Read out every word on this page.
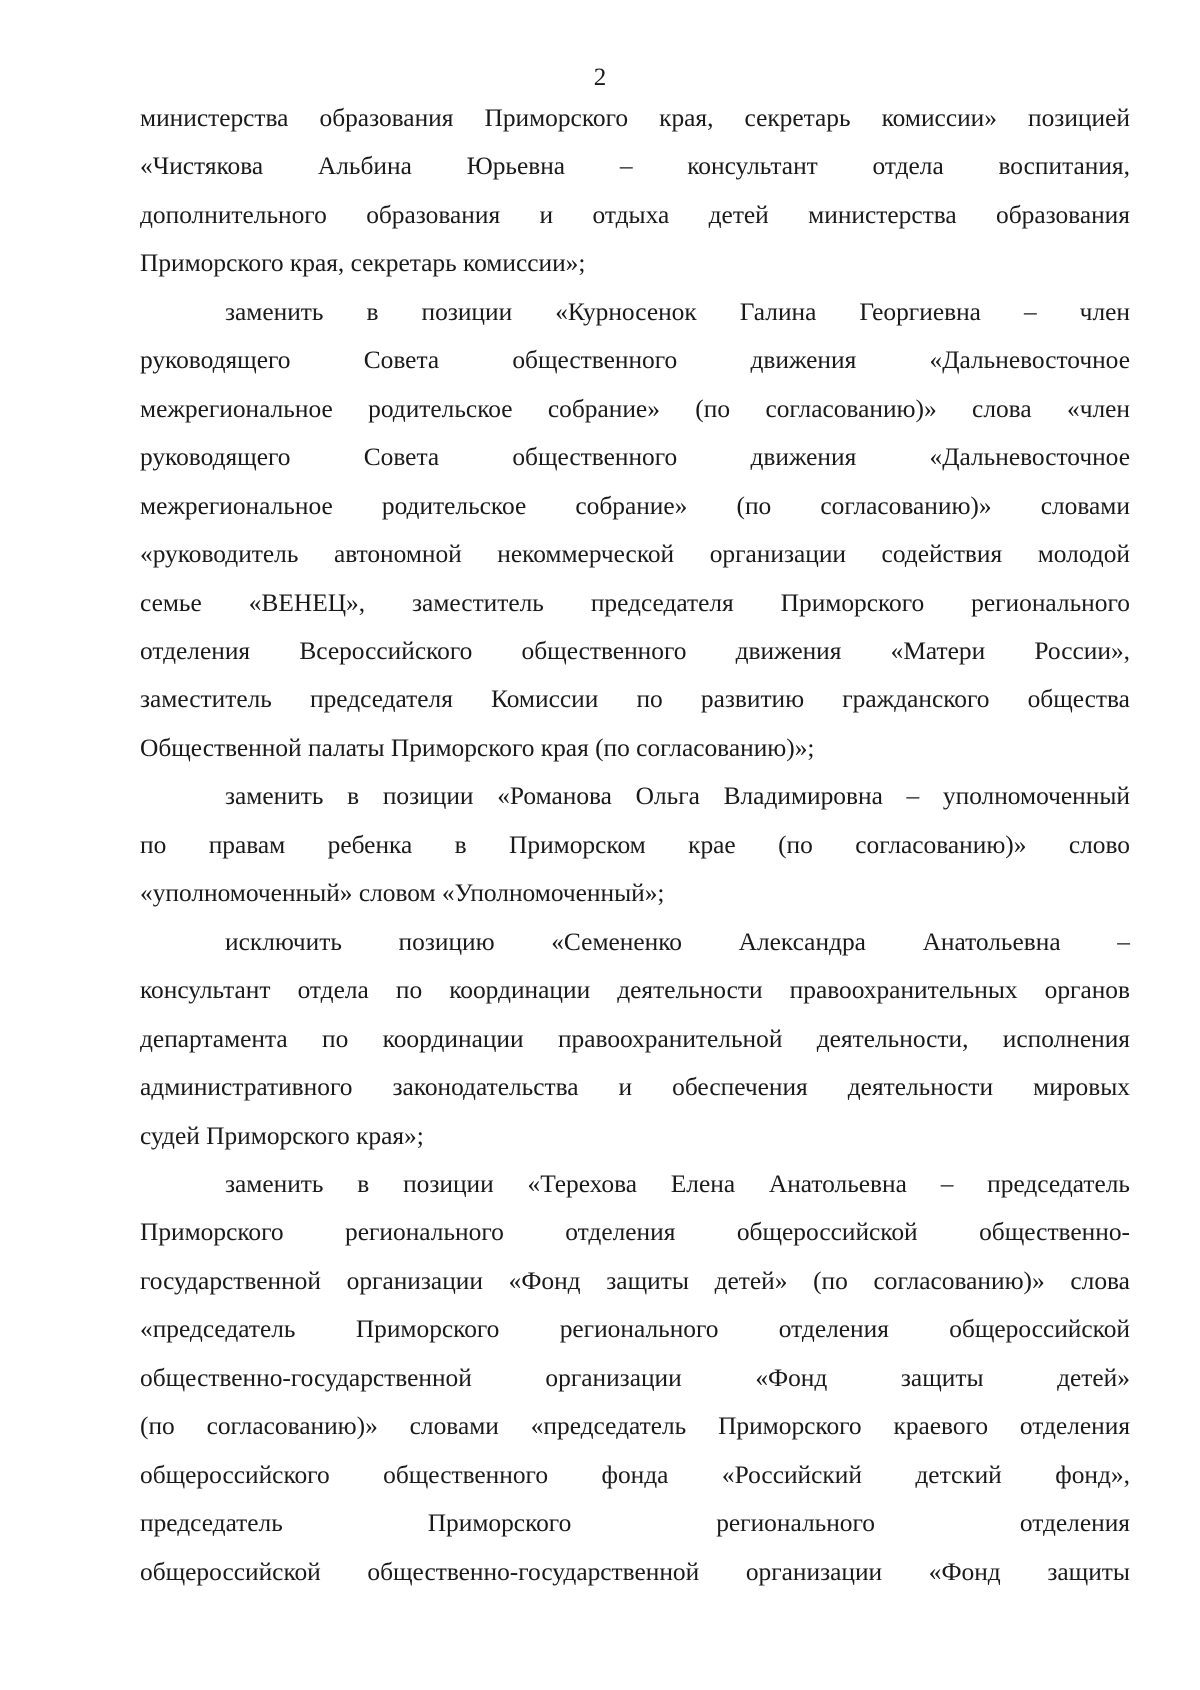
2
министерства образования Приморского края, секретарь комиссии» позицией
«Чистякова Альбина Юрьевна – консультант отдела воспитания,
дополнительного образования и отдыха детей министерства образования
Приморского края, секретарь комиссии»;
заменить в позиции «Курносенок Галина Георгиевна – член
руководящего	Совета	общественного	движения	«Дальневосточное
межрегиональное родительское собрание» (по согласованию)» слова «член
руководящего	Совета	общественного	движения	«Дальневосточное
межрегиональное родительское собрание» (по согласованию)» словами
«руководитель автономной некоммерческой организации содействия молодой
семье «ВЕНЕЦ», заместитель председателя Приморского регионального
отделения Всероссийского общественного движения «Матери России»,
заместитель председателя Комиссии по развитию гражданского общества
Общественной палаты Приморского края (по согласованию)»;
заменить в позиции «Романова Ольга Владимировна – уполномоченный
по правам ребенка в Приморском крае (по согласованию)» слово
«уполномоченный» словом «Уполномоченный»;
исключить позицию «Семененко Александра Анатольевна –
консультант отдела по координации деятельности правоохранительных органов
департамента по координации правоохранительной деятельности, исполнения
административного законодательства и обеспечения деятельности мировых
судей Приморского края»;
заменить в позиции «Терехова Елена Анатольевна – председатель
Приморского регионального отделения общероссийской общественно-
государственной организации «Фонд защиты детей» (по согласованию)» слова
«председатель Приморского регионального отделения общероссийской
общественно-государственной	организации	«Фонд	защиты	детей»
(по согласованию)» словами «председатель Приморского краевого отделения
общероссийского общественного фонда «Российский детский фонд»,
председатель	Приморского	регионального	отделения
общероссийской общественно-государственной организации «Фонд защиты
